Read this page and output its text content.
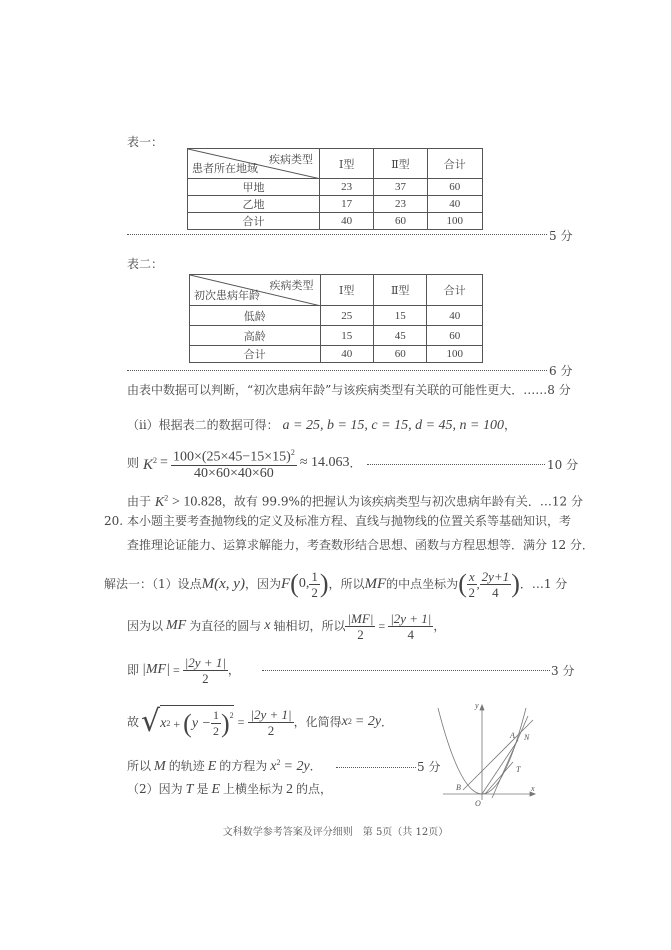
表一：
疾病类型
患者所在地域	Ⅰ型	Ⅱ型	合计
甲地	23	37	60
乙地	17	23	40
合计	40	60	100
5 分
表二：
疾病类型
初次患病年龄	Ⅰ型	Ⅱ型	合计
低龄	25	15	40
高龄	15	45	60
合计	40	60	100
6 分
由表中数据可以判断，“初次患病年龄”与该疾病类型有关联的可能性更大．……8 分
（ii）根据表二的数据可得： a = 25, b = 15, c = 15, d = 45, n = 100，
则 $K^2 = \frac{100\times(25\times 45-15\times 15)^2}{40\times 60\times 40\times 60} \approx 14.063$ ．	10 分
由于 $K^2 > 10.828$，故有 99.9%的把握认为该疾病类型与初次患病年龄有关．…12 分
20. 本小题主要考查抛物线的定义及标准方程、直线与抛物线的位置关系等基础知识，考
查推理论证能力、运算求解能力，考查数形结合思想、函数与方程思想等．满分 12 分．
解法一：（1）设点 M(x, y) ，因为 F ( 0, $\frac{1}{2}$ ) ，所以 MF 的中点坐标为 ( $\frac{x}{2}$ , $\frac{2y+1}{4}$ ) ．…1 分
因为以 MF 为直径的圆与 x 轴相切，所以 $\frac{|MF|}{2} = \frac{|2y + 1|}{4}$ ，
即 $|MF| = \frac{|2y + 1|}{2}$ ，	3 分
故 √ x 2 + ( $y - \frac{1}{2} )^2 = \frac{|2y + 1|}{2}$ ，化简得 x 2 = 2y ．
所以 M 的轨迹 E 的方程为 $x^2 = 2y$．	5 分
（2）因为 T 是 E 上横坐标为 2 的点，
y
x
O
A N
T
B
文科数学参考答案及评分细则　第 5页（共 12页）
